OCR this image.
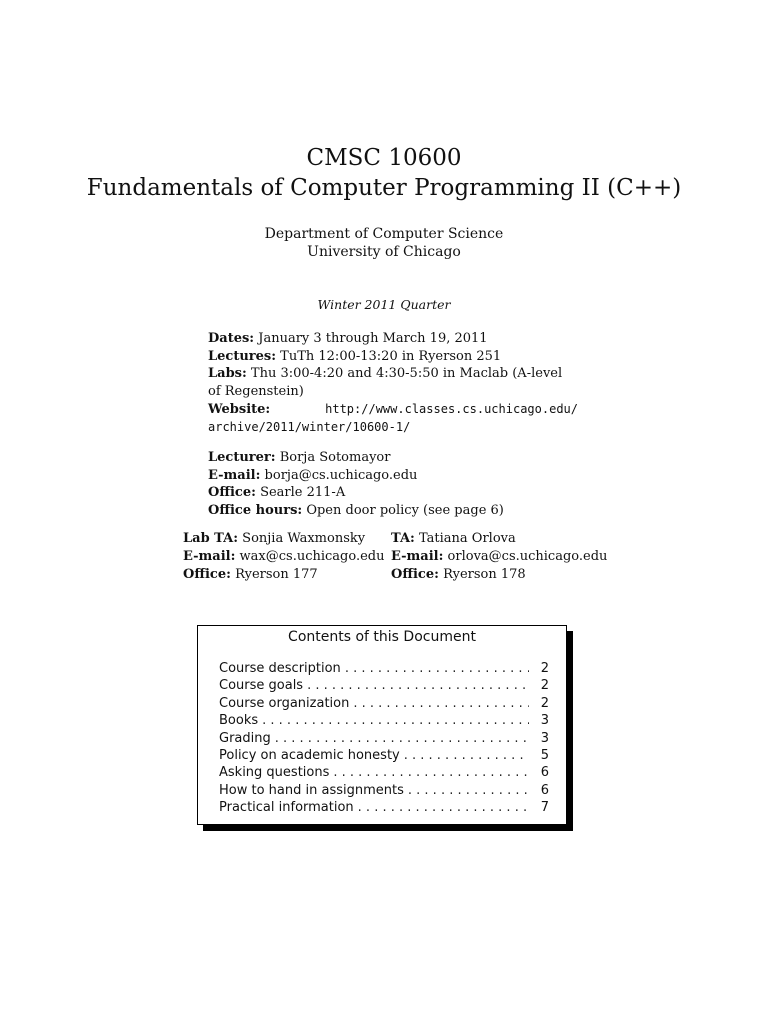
CMSC 10600
Fundamentals of Computer Programming II (C++)
Department of Computer Science
University of Chicago
Winter 2011 Quarter
Dates: January 3 through March 19, 2011
Lectures: TuTh 12:00-13:20 in Ryerson 251
Labs: Thu 3:00-4:20 and 4:30-5:50 in Maclab (A-level of Regenstein)
Website:	http://www.classes.cs.uchicago.edu/
archive/2011/winter/10600-1/
Lecturer: Borja Sotomayor
E-mail: borja@cs.uchicago.edu
Office: Searle 211-A
Office hours: Open door policy (see page 6)
Lab TA: Sonjia Waxmonsky
E-mail: wax@cs.uchicago.edu
Office: Ryerson 177
TA: Tatiana Orlova
E-mail: orlova@cs.uchicago.edu
Office: Ryerson 178
Contents of this Document
Course description . . .	2
Course goals . . .	2
Course organization . . .	2
Books . . .	3
Grading . . .	3
Policy on academic honesty . . .	5
Asking questions . . .	6
How to hand in assignments . . .	6
Practical information . . .	7
